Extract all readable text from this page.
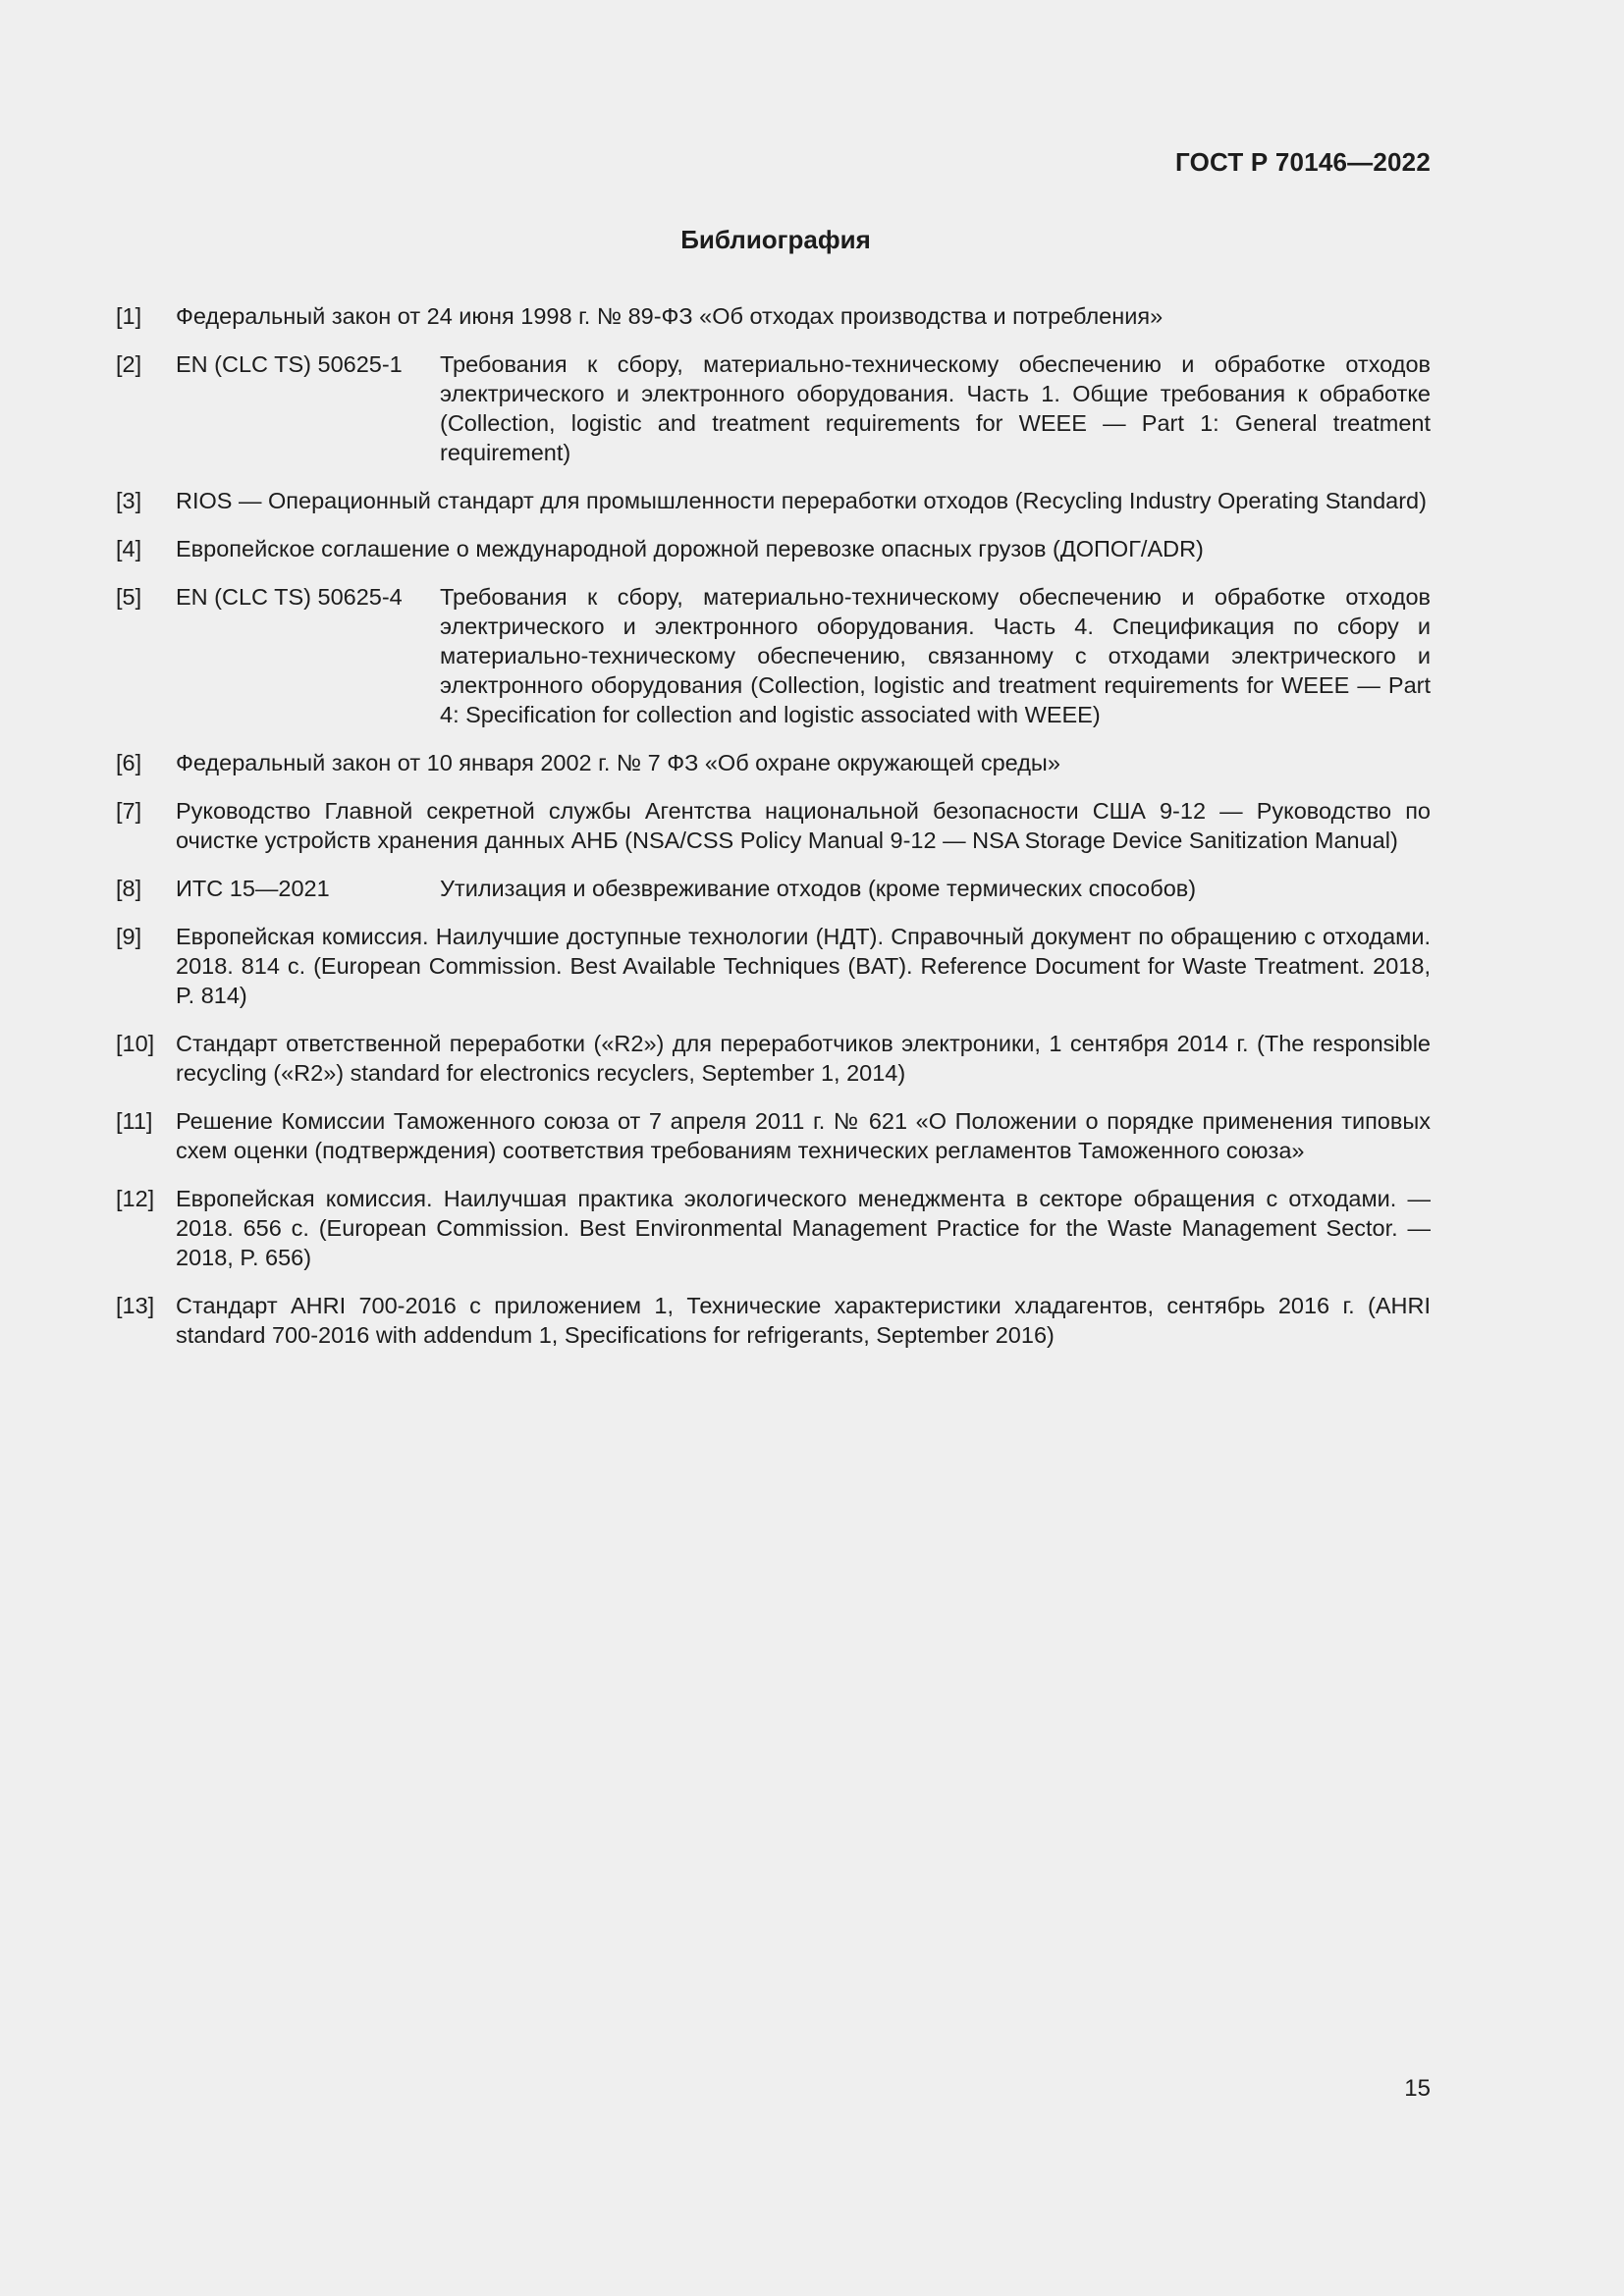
ГОСТ Р 70146—2022
Библиография
[1]	Федеральный закон от 24 июня 1998 г. № 89-ФЗ «Об отходах производства и потребления»
[2]	EN (CLC TS) 50625-1	Требования к сбору, материально-техническому обеспечению и обработке отходов электрического и электронного оборудования. Часть 1. Общие требования к обработке (Collection, logistic and treatment requirements for WEEE — Part 1: General treatment requirement)
[3]	RIOS — Операционный стандарт для промышленности переработки отходов (Recycling Industry Operating Standard)
[4]	Европейское соглашение о международной дорожной перевозке опасных грузов (ДОПОГ/ADR)
[5]	EN (CLC TS) 50625-4	Требования к сбору, материально-техническому обеспечению и обработке отходов электрического и электронного оборудования. Часть 4. Спецификация по сбору и материально-техническому обеспечению, связанному с отходами электрического и электронного оборудования (Collection, logistic and treatment requirements for WEEE — Part 4: Specification for collection and logistic associated with WEEE)
[6]	Федеральный закон от 10 января 2002 г. № 7 ФЗ «Об охране окружающей среды»
[7]	Руководство Главной секретной службы Агентства национальной безопасности США 9-12 — Руководство по очистке устройств хранения данных АНБ (NSA/CSS Policy Manual 9-12 — NSA Storage Device Sanitization Manual)
[8]	ИТС 15—2021	Утилизация и обезвреживание отходов (кроме термических способов)
[9]	Европейская комиссия. Наилучшие доступные технологии (НДТ). Справочный документ по обращению с отходами. 2018. 814 с. (European Commission. Best Available Techniques (BAT). Reference Document for Waste Treatment. 2018, P. 814)
[10] Стандарт ответственной переработки («R2») для переработчиков электроники, 1 сентября 2014 г. (The responsible recycling («R2») standard for electronics recyclers, September 1, 2014)
[11]	Решение Комиссии Таможенного союза от 7 апреля 2011 г. № 621 «О Положении о порядке применения типовых схем оценки (подтверждения) соответствия требованиям технических регламентов Таможенного союза»
[12] Европейская комиссия. Наилучшая практика экологического менеджмента в секторе обращения с отходами. — 2018. 656 с. (European Commission. Best Environmental Management Practice for the Waste Management Sector. — 2018, P. 656)
[13] Стандарт AHRI 700-2016 с приложением 1, Технические характеристики хладагентов, сентябрь 2016 г. (AHRI standard 700-2016 with addendum 1, Specifications for refrigerants, September 2016)
15
